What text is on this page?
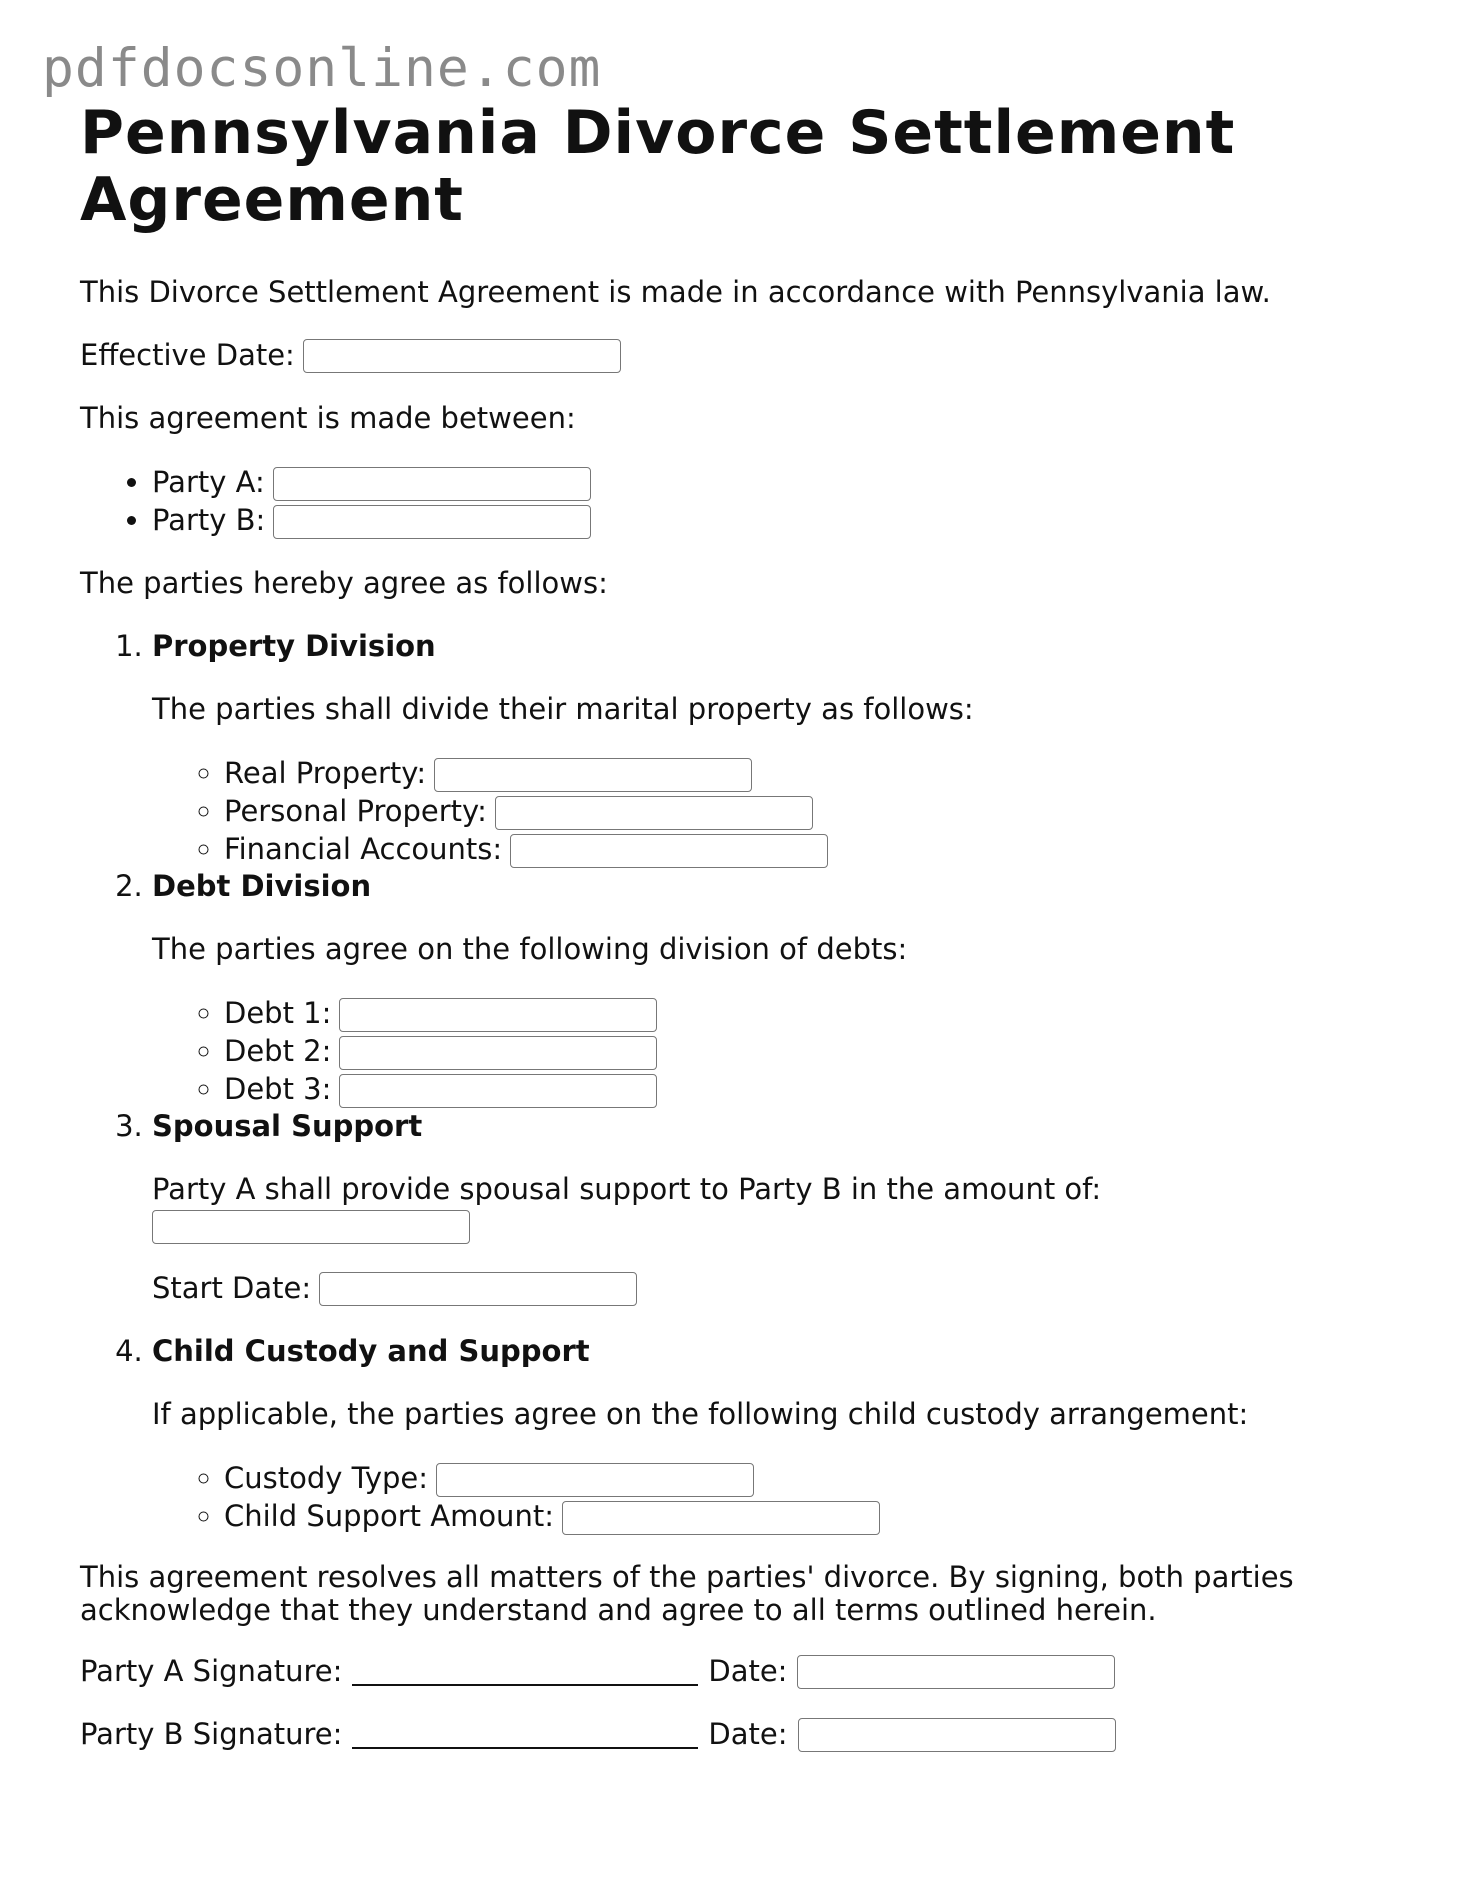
pdfdocsonline.com
Pennsylvania Divorce Settlement Agreement

This Divorce Settlement Agreement is made in accordance with Pennsylvania law.

Effective Date:

This agreement is made between:

• Party A:
• Party B:

The parties hereby agree as follows:

1. Property Division

The parties shall divide their marital property as follows:

◦ Real Property:
◦ Personal Property:
◦ Financial Accounts:
2. Debt Division

The parties agree on the following division of debts:

◦ Debt 1:
◦ Debt 2:
◦ Debt 3:
3. Spousal Support

Party A shall provide spousal support to Party B in the amount of:

Start Date:
4. Child Custody and Support

If applicable, the parties agree on the following child custody arrangement:

◦ Custody Type:
◦ Child Support Amount:

This agreement resolves all matters of the parties' divorce. By signing, both parties acknowledge that they understand and agree to all terms outlined herein.

Party A Signature:	Date:
Party B Signature:	Date:
